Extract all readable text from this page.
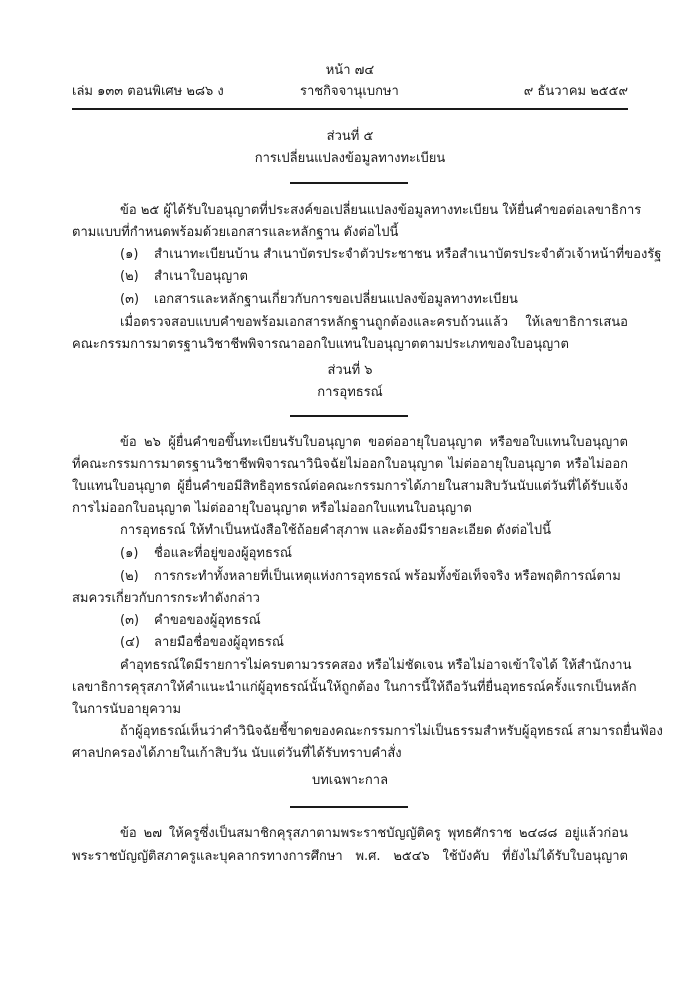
หน้า ๗๔
เล่ม ๑๓๓ ตอนพิเศษ ๒๘๖ ง	ราชกิจจานุเบกษา	๙ ธันวาคม ๒๕๕๙
ส่วนที่ ๕
การเปลี่ยนแปลงข้อมูลทางทะเบียน
ข้อ ๒๕ ผู้ได้รับใบอนุญาตที่ประสงค์ขอเปลี่ยนแปลงข้อมูลทางทะเบียน ให้ยื่นคำขอต่อเลขาธิการ
ตามแบบที่กำหนดพร้อมด้วยเอกสารและหลักฐาน ดังต่อไปนี้
(๑) สำเนาทะเบียนบ้าน สำเนาบัตรประจำตัวประชาชน หรือสำเนาบัตรประจำตัวเจ้าหน้าที่ของรัฐ
(๒) สำเนาใบอนุญาต
(๓) เอกสารและหลักฐานเกี่ยวกับการขอเปลี่ยนแปลงข้อมูลทางทะเบียน
เมื่อตรวจสอบแบบคำขอพร้อมเอกสารหลักฐานถูกต้องและครบถ้วนแล้ว ให้เลขาธิการเสนอ
คณะกรรมการมาตรฐานวิชาชีพพิจารณาออกใบแทนใบอนุญาตตามประเภทของใบอนุญาต
ส่วนที่ ๖
การอุทธรณ์
ข้อ ๒๖ ผู้ยื่นคำขอขึ้นทะเบียนรับใบอนุญาต ขอต่ออายุใบอนุญาต หรือขอใบแทนใบอนุญาต
ที่คณะกรรมการมาตรฐานวิชาชีพพิจารณาวินิจฉัยไม่ออกใบอนุญาต ไม่ต่ออายุใบอนุญาต หรือไม่ออก
ใบแทนใบอนุญาต ผู้ยื่นคำขอมีสิทธิอุทธรณ์ต่อคณะกรรมการได้ภายในสามสิบวันนับแต่วันที่ได้รับแจ้ง
การไม่ออกใบอนุญาต ไม่ต่ออายุใบอนุญาต หรือไม่ออกใบแทนใบอนุญาต
การอุทธรณ์ ให้ทำเป็นหนังสือใช้ถ้อยคำสุภาพ และต้องมีรายละเอียด ดังต่อไปนี้
(๑) ชื่อและที่อยู่ของผู้อุทธรณ์
(๒) การกระทำทั้งหลายที่เป็นเหตุแห่งการอุทธรณ์ พร้อมทั้งข้อเท็จจริง หรือพฤติการณ์ตาม
สมควรเกี่ยวกับการกระทำดังกล่าว
(๓) คำขอของผู้อุทธรณ์
(๔) ลายมือชื่อของผู้อุทธรณ์
คำอุทธรณ์ใดมีรายการไม่ครบตามวรรคสอง หรือไม่ชัดเจน หรือไม่อาจเข้าใจได้ ให้สำนักงาน
เลขาธิการคุรุสภาให้คำแนะนำแก่ผู้อุทธรณ์นั้นให้ถูกต้อง ในการนี้ให้ถือวันที่ยื่นอุทธรณ์ครั้งแรกเป็นหลัก
ในการนับอายุความ
ถ้าผู้อุทธรณ์เห็นว่าคำวินิจฉัยชี้ขาดของคณะกรรมการไม่เป็นธรรมสำหรับผู้อุทธรณ์ สามารถยื่นฟ้อง
ศาลปกครองได้ภายในเก้าสิบวัน นับแต่วันที่ได้รับทราบคำสั่ง
บทเฉพาะกาล
ข้อ ๒๗ ให้ครูซึ่งเป็นสมาชิกคุรุสภาตามพระราชบัญญัติครู พุทธศักราช ๒๔๘๘ อยู่แล้วก่อน
พระราชบัญญัติสภาครูและบุคลากรทางการศึกษา พ.ศ. ๒๕๔๖ ใช้บังคับ ที่ยังไม่ได้รับใบอนุญาต
